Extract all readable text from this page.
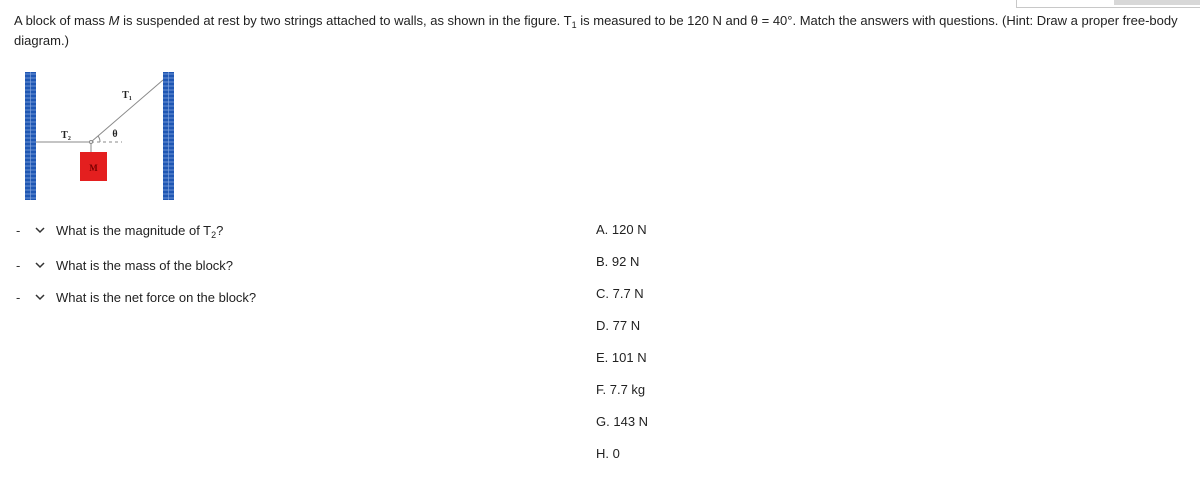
A block of mass M is suspended at rest by two strings attached to walls, as shown in the figure. $T_1$ is measured to be 120 N and θ = 40°. Match the answers with questions. (Hint: Draw a proper free-body diagram.)

M
T₁
T₂	θ
-	What is the magnitude of $T_2$?
-	What is the mass of the block?
-	What is the net force on the block?
A. 120 N
B. 92 N
C. 7.7 N
D. 77 N
E. 101 N
F. 7.7 kg
G. 143 N
H. 0
